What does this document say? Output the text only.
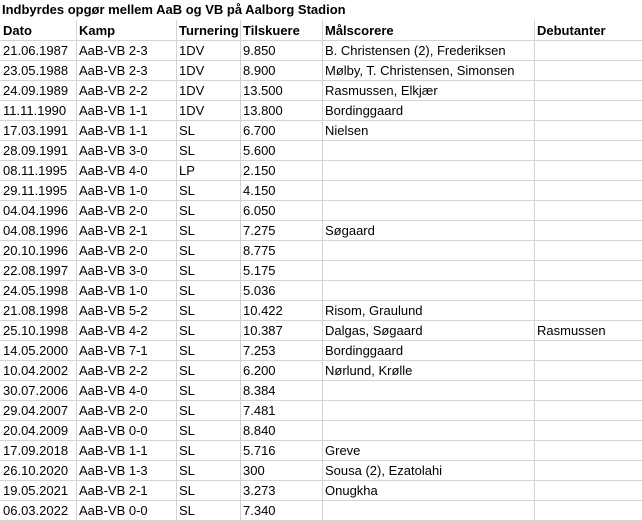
Indbyrdes opgør mellem AaB og VB på Aalborg Stadion
Dato	Kamp	Turnering	Tilskuere	Målscorere	Debutanter
21.06.1987	AaB-VB 2-3	1DV	9.850	B. Christensen (2), Frederiksen	
23.05.1988	AaB-VB 2-3	1DV	8.900	Mølby, T. Christensen, Simonsen	
24.09.1989	AaB-VB 2-2	1DV	13.500	Rasmussen, Elkjær	
11.11.1990	AaB-VB 1-1	1DV	13.800	Bordinggaard	
17.03.1991	AaB-VB 1-1	SL	6.700	Nielsen	
28.09.1991	AaB-VB 3-0	SL	5.600		
08.11.1995	AaB-VB 4-0	LP	2.150		
29.11.1995	AaB-VB 1-0	SL	4.150		
04.04.1996	AaB-VB 2-0	SL	6.050		
04.08.1996	AaB-VB 2-1	SL	7.275	Søgaard	
20.10.1996	AaB-VB 2-0	SL	8.775		
22.08.1997	AaB-VB 3-0	SL	5.175		
24.05.1998	AaB-VB 1-0	SL	5.036		
21.08.1998	AaB-VB 5-2	SL	10.422	Risom, Graulund	
25.10.1998	AaB-VB 4-2	SL	10.387	Dalgas, Søgaard	Rasmussen
14.05.2000	AaB-VB 7-1	SL	7.253	Bordinggaard	
10.04.2002	AaB-VB 2-2	SL	6.200	Nørlund, Krølle	
30.07.2006	AaB-VB 4-0	SL	8.384		
29.04.2007	AaB-VB 2-0	SL	7.481		
20.04.2009	AaB-VB 0-0	SL	8.840		
17.09.2018	AaB-VB 1-1	SL	5.716	Greve	
26.10.2020	AaB-VB 1-3	SL	300	Sousa (2), Ezatolahi	
19.05.2021	AaB-VB 2-1	SL	3.273	Onugkha	
06.03.2022	AaB-VB 0-0	SL	7.340		
